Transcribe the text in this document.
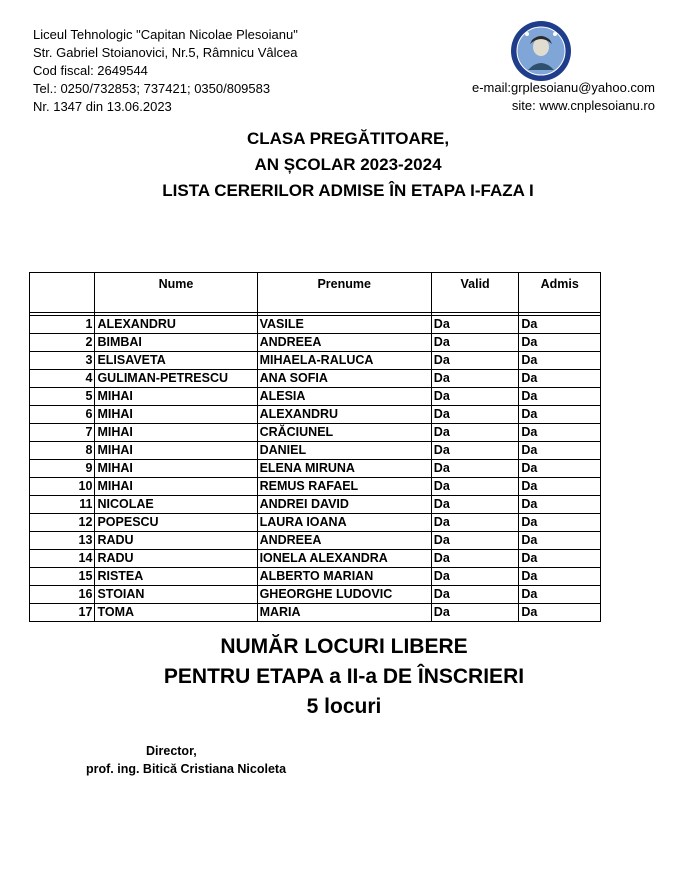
Liceul Tehnologic "Capitan Nicolae Plesoianu"
Str. Gabriel Stoianovici, Nr.5, Râmnicu Vâlcea
Cod fiscal: 2649544
Tel.: 0250/732853; 737421; 0350/809583
Nr. 1347 din 13.06.2023
e-mail:grplesoianu@yahoo.com
site: www.cnplesoianu.ro
CLASA PREGĂTITOARE,
AN ȘCOLAR 2023-2024
LISTA CERERILOR ADMISE ÎN ETAPA I-FAZA I
	Nume	Prenume	Valid	Admis

1	ALEXANDRU	VASILE	Da	Da
2	BIMBAI	ANDREEA	Da	Da
3	ELISAVETA	MIHAELA-RALUCA	Da	Da
4	GULIMAN-PETRESCU	ANA SOFIA	Da	Da
5	MIHAI	ALESIA	Da	Da
6	MIHAI	ALEXANDRU	Da	Da
7	MIHAI	CRĂCIUNEL	Da	Da
8	MIHAI	DANIEL	Da	Da
9	MIHAI	ELENA MIRUNA	Da	Da
10	MIHAI	REMUS RAFAEL	Da	Da
11	NICOLAE	ANDREI DAVID	Da	Da
12	POPESCU	LAURA IOANA	Da	Da
13	RADU	ANDREEA	Da	Da
14	RADU	IONELA ALEXANDRA	Da	Da
15	RISTEA	ALBERTO MARIAN	Da	Da
16	STOIAN	GHEORGHE LUDOVIC	Da	Da
17	TOMA	MARIA	Da	Da
NUMĂR LOCURI LIBERE
PENTRU ETAPA a II-a DE ÎNSCRIERI
5 locuri
Director,
prof. ing. Bitică Cristiana Nicoleta
